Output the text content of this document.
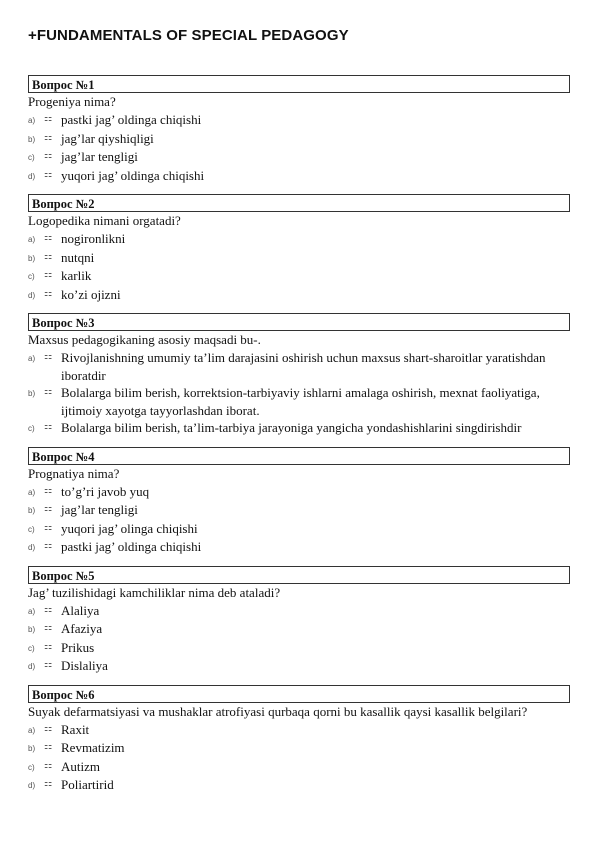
+FUNDAMENTALS OF SPECIAL PEDAGOGY
Вопрос №1
Progeniya nima?
a) ⚏ pastki jag’ oldinga chiqishi
b) ⚏ jag’lar qiyshiqligi
c)	⚏ jag’lar tengligi
d) ⚏ yuqori jag’ oldinga chiqishi
Вопрос №2
Logopedika nimani orgatadi?
a) ⚏ nogironlikni
b) ⚏ nutqni
c)	⚏ karlik
d) ⚏ ko’zi ojizni
Вопрос №3
Maxsus pedagogikaning asosiy maqsadi bu-.
a) ⚏ Rivojlanishning umumiy ta’lim darajasini oshirish uchun maxsus shart-sharoitlar yaratishdan iboratdir
b) ⚏ Bolalarga bilim berish, korrektsion-tarbiyaviy ishlarni amalaga oshirish, mexnat faoliyatiga, ijtimoiy xayotga tayyorlashdan iborat.
c)	⚏ Bolalarga bilim berish, ta’lim-tarbiya jarayoniga yangicha yondashishlarini singdirishdir
Вопрос №4
Prognatiya nima?
a) ⚏ to’g’ri javob yuq
b) ⚏ jag’lar tengligi
c)	⚏ yuqori jag’ olinga chiqishi
d) ⚏ pastki jag’ oldinga chiqishi
Вопрос №5
Jag’ tuzilishidagi kamchiliklar nima deb ataladi?
a) ⚏ Alaliya
b) ⚏ Afaziya
c)	⚏ Prikus
d) ⚏ Dislaliya
Вопрос №6
Suyak defarmatsiyasi va mushaklar atrofiyasi qurbaqa qorni bu kasallik qaysi kasallik belgilari?
a) ⚏ Raxit
b) ⚏ Revmatizim
c)	⚏ Autizm
d) ⚏ Poliartirid
